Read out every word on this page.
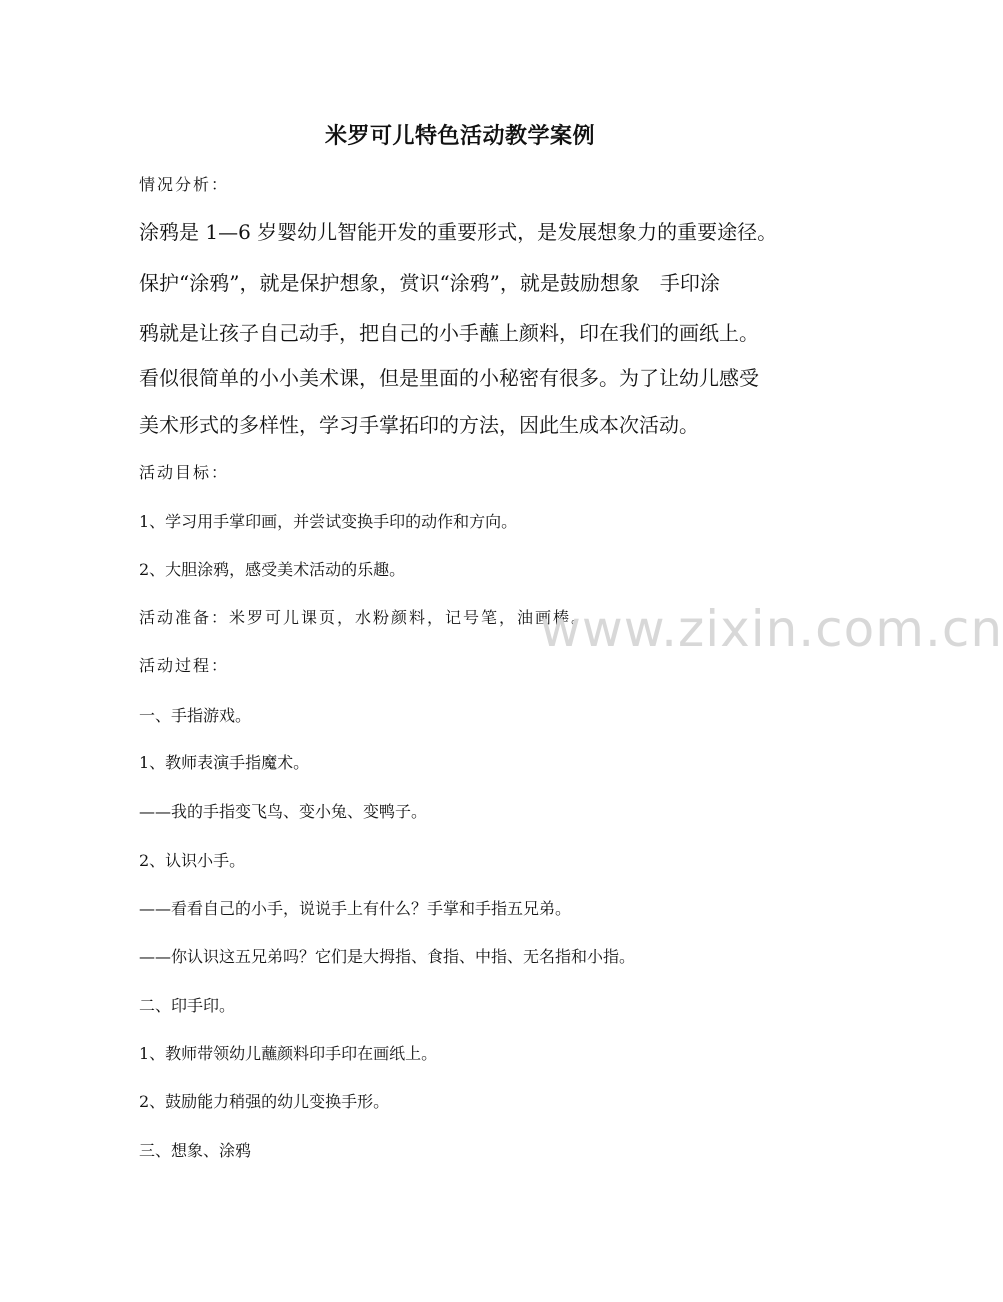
米罗可儿特色活动教学案例
情况分析：
涂鸦是 1—6 岁婴幼儿智能开发的重要形式，是发展想象力的重要途径。
保护“涂鸦”，就是保护想象，赏识“涂鸦”，就是鼓励想象　手印涂
鸦就是让孩子自己动手，把自己的小手蘸上颜料，印在我们的画纸上。
看似很简单的小小美术课，但是里面的小秘密有很多。为了让幼儿感受
美术形式的多样性，学习手掌拓印的方法，因此生成本次活动。
活动目标：
1、学习用手掌印画，并尝试变换手印的动作和方向。
2、大胆涂鸦，感受美术活动的乐趣。
活动准备：米罗可儿课页，水粉颜料，记号笔，油画棒。
活动过程：
一、手指游戏。
1、教师表演手指魔术。
——我的手指变飞鸟、变小兔、变鸭子。
2、认识小手。
——看看自己的小手，说说手上有什么？手掌和手指五兄弟。
——你认识这五兄弟吗？它们是大拇指、食指、中指、无名指和小指。
二、印手印。
1、教师带领幼儿蘸颜料印手印在画纸上。
2、鼓励能力稍强的幼儿变换手形。
三、想象、涂鸦
www.zixin.com.cn
